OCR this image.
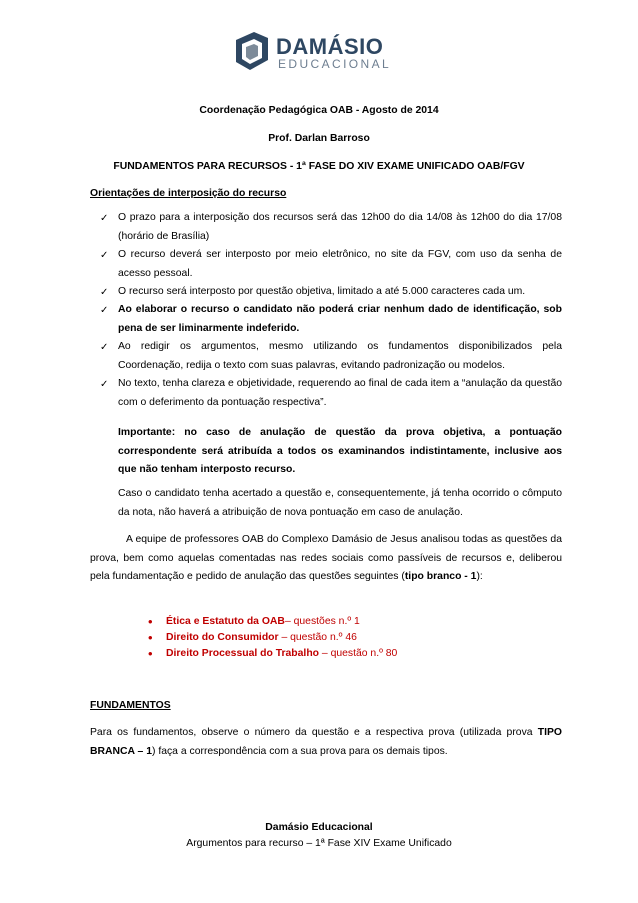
DAMÁSIO
EDUCACIONAL
Coordenação Pedagógica OAB - Agosto de 2014
Prof. Darlan Barroso
FUNDAMENTOS PARA RECURSOS - 1ª FASE DO XIV EXAME UNIFICADO OAB/FGV
Orientações de interposição do recurso
✓ O prazo para a interposição dos recursos será das 12h00 do dia 14/08 às 12h00 do dia 17/08 (horário de Brasília)
✓ O recurso deverá ser interposto por meio eletrônico, no site da FGV, com uso da senha de acesso pessoal.
✓ O recurso será interposto por questão objetiva, limitado a até 5.000 caracteres cada um.
✓ Ao elaborar o recurso o candidato não poderá criar nenhum dado de identificação, sob pena de ser liminarmente indeferido.
✓ Ao redigir os argumentos, mesmo utilizando os fundamentos disponibilizados pela Coordenação, redija o texto com suas palavras, evitando padronização ou modelos.
✓ No texto, tenha clareza e objetividade, requerendo ao final de cada item a “anulação da questão com o deferimento da pontuação respectiva”.
Importante: no caso de anulação de questão da prova objetiva, a pontuação correspondente será atribuída a todos os examinandos indistintamente, inclusive aos que não tenham interposto recurso.
Caso o candidato tenha acertado a questão e, consequentemente, já tenha ocorrido o cômputo da nota, não haverá a atribuição de nova pontuação em caso de anulação.
A equipe de professores OAB do Complexo Damásio de Jesus analisou todas as questões da prova, bem como aquelas comentadas nas redes sociais como passíveis de recursos e, deliberou pela fundamentação e pedido de anulação das questões seguintes (tipo branco - 1):
• Ética e Estatuto da OAB– questões n.º 1
• Direito do Consumidor – questão n.º 46
• Direito Processual do Trabalho – questão n.º 80
FUNDAMENTOS
Para os fundamentos, observe o número da questão e a respectiva prova (utilizada prova TIPO BRANCA – 1) faça a correspondência com a sua prova para os demais tipos.
Damásio Educacional
Argumentos para recurso – 1ª Fase XIV Exame Unificado
